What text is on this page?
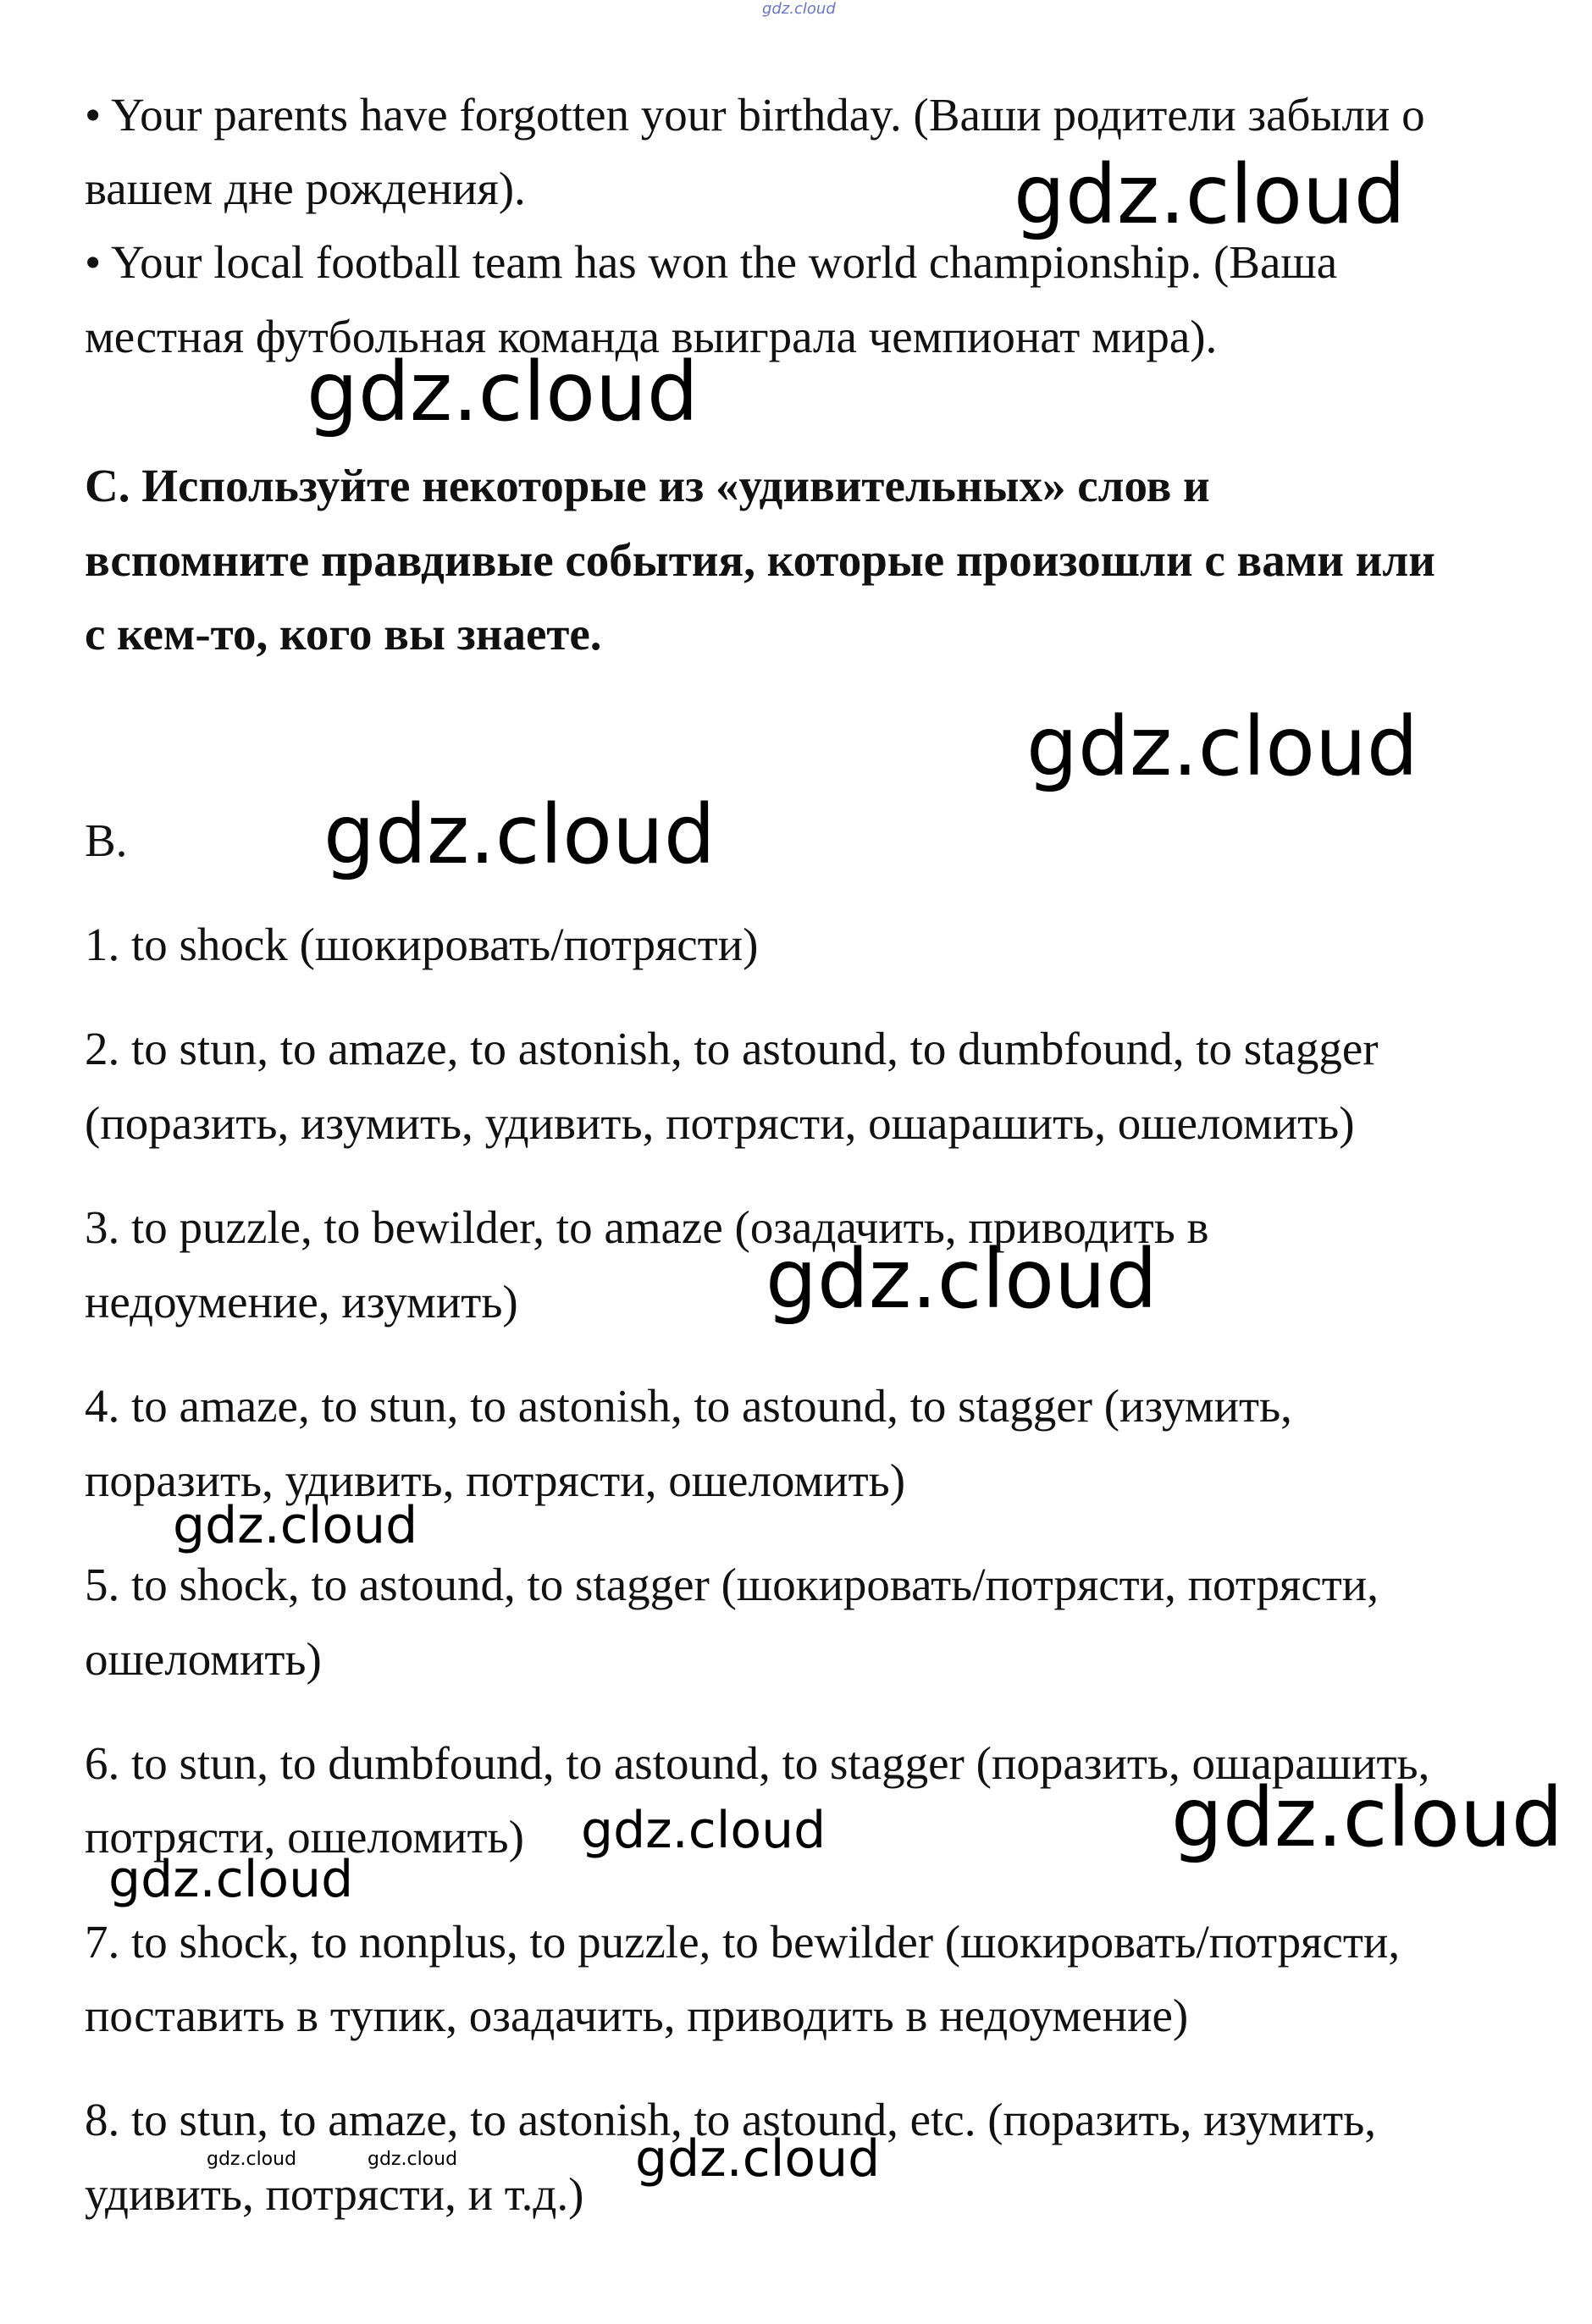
gdz.cloud
• Your parents have forgotten your birthday. (Ваши родители забыли о
вашем дне рождения).
• Your local football team has won the world championship. (Ваша
местная футбольная команда выиграла чемпионат мира).
С. Используйте некоторые из «удивительных» слов и
вспомните правдивые события, которые произошли с вами или
с кем-то, кого вы знаете.
B.
1. to shock (шокировать/потрясти)
2. to stun, to amaze, to astonish, to astound, to dumbfound, to stagger
(поразить, изумить, удивить, потрясти, ошарашить, ошеломить)
3. to puzzle, to bewilder, to amaze (озадачить, приводить в
недоумение, изумить)
4. to amaze, to stun, to astonish, to astound, to stagger (изумить,
поразить, удивить, потрясти, ошеломить)
5. to shock, to astound, to stagger (шокировать/потрясти, потрясти,
ошеломить)
6. to stun, to dumbfound, to astound, to stagger (поразить, ошарашить,
потрясти, ошеломить)
7. to shock, to nonplus, to puzzle, to bewilder (шокировать/потрясти,
поставить в тупик, озадачить, приводить в недоумение)
8. to stun, to amaze, to astonish, to astound, etc. (поразить, изумить,
удивить, потрясти, и т.д.)
gdz.cloud
gdz.cloud
gdz.cloud
gdz.cloud
gdz.cloud
gdz.cloud
gdz.cloud
gdz.cloud
gdz.cloud
gdz.cloud
gdz.cloud	gdz.cloud
